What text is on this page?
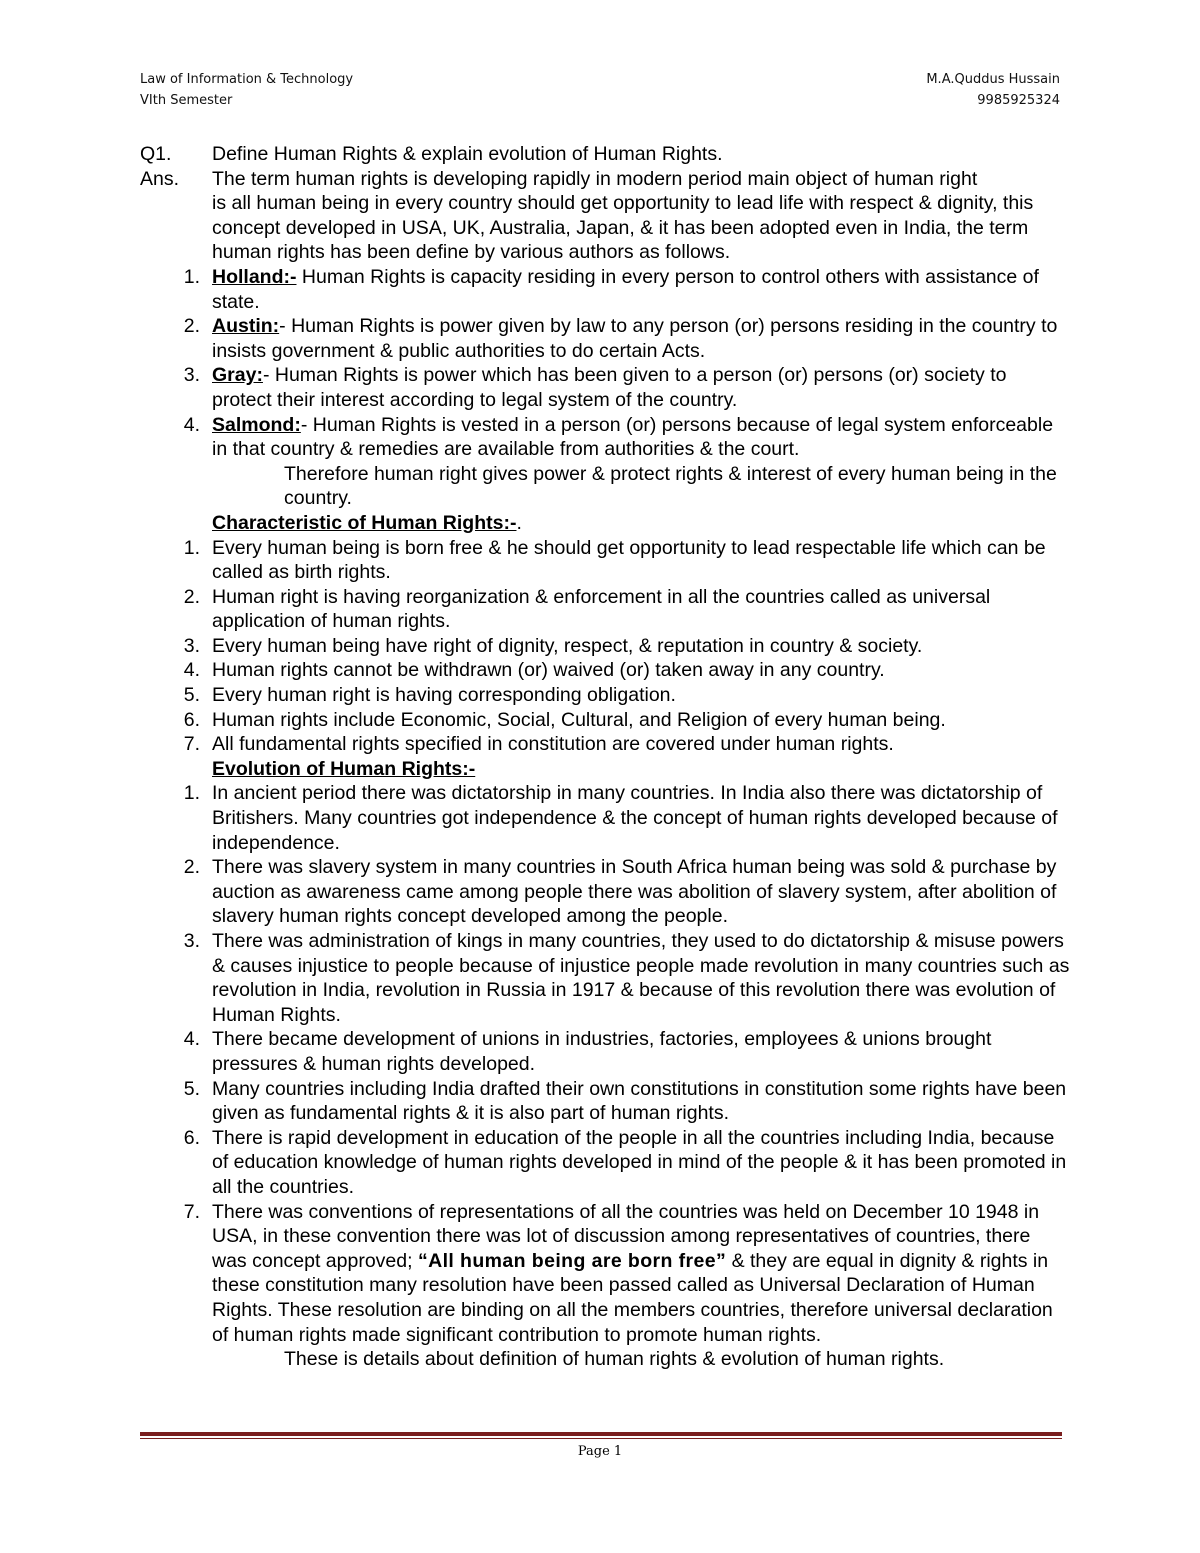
Law of Information & Technology
VIth Semester
M.A.Quddus Hussain
9985925324
Q1.	Define Human Rights & explain evolution of Human Rights.
Ans.	The term human rights is developing rapidly in modern period main object of human right
is all human being in every country should get opportunity to lead life with respect & dignity, this concept developed in USA, UK, Australia, Japan, & it has been adopted even in India, the term human rights has been define by various authors as follows.
1. Holland:- Human Rights is capacity residing in every person to control others with assistance of state.
2. Austin:- Human Rights is power given by law to any person (or) persons residing in the country to insists government & public authorities to do certain Acts.
3. Gray:- Human Rights is power which has been given to a person (or) persons (or) society to protect their interest according to legal system of the country.
4. Salmond:- Human Rights is vested in a person (or) persons because of legal system enforceable in that country & remedies are available from authorities & the court.
Therefore human right gives power & protect rights & interest of every human being in the country.
Characteristic of Human Rights:-.
1. Every human being is born free & he should get opportunity to lead respectable life which can be called as birth rights.
2. Human right is having reorganization & enforcement in all the countries called as universal application of human rights.
3. Every human being have right of dignity, respect, & reputation in country & society.
4. Human rights cannot be withdrawn (or) waived (or) taken away in any country.
5. Every human right is having corresponding obligation.
6. Human rights include Economic, Social, Cultural, and Religion of every human being.
7. All fundamental rights specified in constitution are covered under human rights.
Evolution of Human Rights:-
1. In ancient period there was dictatorship in many countries. In India also there was dictatorship of Britishers. Many countries got independence & the concept of human rights developed because of independence.
2. There was slavery system in many countries in South Africa human being was sold & purchase by auction as awareness came among people there was abolition of slavery system, after abolition of slavery human rights concept developed among the people.
3. There was administration of kings in many countries, they used to do dictatorship & misuse powers & causes injustice to people because of injustice people made revolution in many countries such as revolution in India, revolution in Russia in 1917 & because of this revolution there was evolution of Human Rights.
4. There became development of unions in industries, factories, employees & unions brought pressures & human rights developed.
5. Many countries including India drafted their own constitutions in constitution some rights have been given as fundamental rights & it is also part of human rights.
6. There is rapid development in education of the people in all the countries including India, because of education knowledge of human rights developed in mind of the people & it has been promoted in all the countries.
7. There was conventions of representations of all the countries was held on December 10 1948 in USA, in these convention there was lot of discussion among representatives of countries, there was concept approved; “All human being are born free” & they are equal in dignity & rights in these constitution many resolution have been passed called as Universal Declaration of Human Rights. These resolution are binding on all the members countries, therefore universal declaration of human rights made significant contribution to promote human rights.
These is details about definition of human rights & evolution of human rights.
Page 1
